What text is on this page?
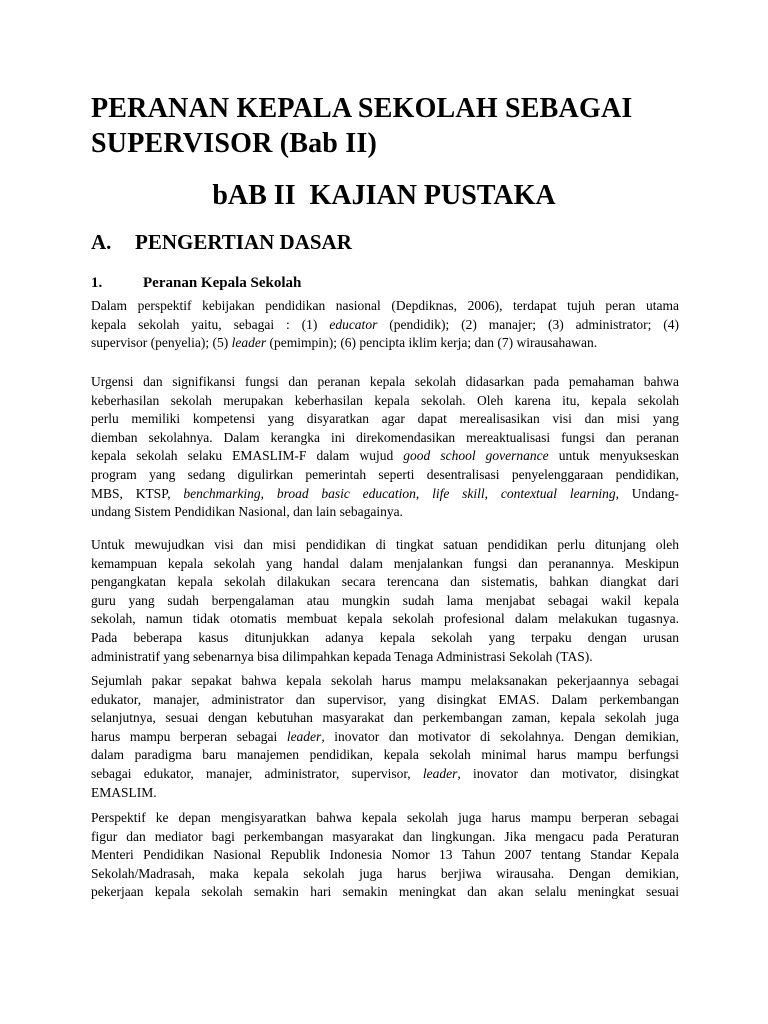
PERANAN KEPALA SEKOLAH SEBAGAI
SUPERVISOR (Bab II)
bAB II  KAJIAN PUSTAKA
A. PENGERTIAN DASAR
1.	Peranan Kepala Sekolah
Dalam perspektif kebijakan pendidikan nasional (Depdiknas, 2006), terdapat tujuh peran utama
kepala sekolah yaitu, sebagai : (1) educator (pendidik); (2) manajer; (3) administrator; (4)
supervisor (penyelia); (5) leader (pemimpin); (6) pencipta iklim kerja; dan (7) wirausahawan.
Urgensi dan signifikansi fungsi dan peranan kepala sekolah didasarkan pada pemahaman bahwa
keberhasilan sekolah merupakan keberhasilan kepala sekolah. Oleh karena itu, kepala sekolah
perlu memiliki kompetensi yang disyaratkan agar dapat merealisasikan visi dan misi yang
diemban sekolahnya. Dalam kerangka ini direkomendasikan mereaktualisasi fungsi dan peranan
kepala sekolah selaku EMASLIM-F dalam wujud good school governance untuk menyukseskan
program yang sedang digulirkan pemerintah seperti desentralisasi penyelenggaraan pendidikan,
MBS, KTSP, benchmarking, broad basic education, life skill, contextual learning, Undang-
undang Sistem Pendidikan Nasional, dan lain sebagainya.
Untuk mewujudkan visi dan misi pendidikan di tingkat satuan pendidikan perlu ditunjang oleh
kemampuan kepala sekolah yang handal dalam menjalankan fungsi dan peranannya. Meskipun
pengangkatan kepala sekolah dilakukan secara terencana dan sistematis, bahkan diangkat dari
guru yang sudah berpengalaman atau mungkin sudah lama menjabat sebagai wakil kepala
sekolah, namun tidak otomatis membuat kepala sekolah profesional dalam melakukan tugasnya.
Pada beberapa kasus ditunjukkan adanya kepala sekolah yang terpaku dengan urusan
administratif yang sebenarnya bisa dilimpahkan kepada Tenaga Administrasi Sekolah (TAS).
Sejumlah pakar sepakat bahwa kepala sekolah harus mampu melaksanakan pekerjaannya sebagai
edukator, manajer, administrator dan supervisor, yang disingkat EMAS. Dalam perkembangan
selanjutnya, sesuai dengan kebutuhan masyarakat dan perkembangan zaman, kepala sekolah juga
harus mampu berperan sebagai leader, inovator dan motivator di sekolahnya. Dengan demikian,
dalam paradigma baru manajemen pendidikan, kepala sekolah minimal harus mampu berfungsi
sebagai edukator, manajer, administrator, supervisor, leader, inovator dan motivator, disingkat
EMASLIM.
Perspektif ke depan mengisyaratkan bahwa kepala sekolah juga harus mampu berperan sebagai
figur dan mediator bagi perkembangan masyarakat dan lingkungan. Jika mengacu pada Peraturan
Menteri Pendidikan Nasional Republik Indonesia Nomor 13 Tahun 2007 tentang Standar Kepala
Sekolah/Madrasah, maka kepala sekolah juga harus berjiwa wirausaha. Dengan demikian,
pekerjaan kepala sekolah semakin hari semakin meningkat dan akan selalu meningkat sesuai
